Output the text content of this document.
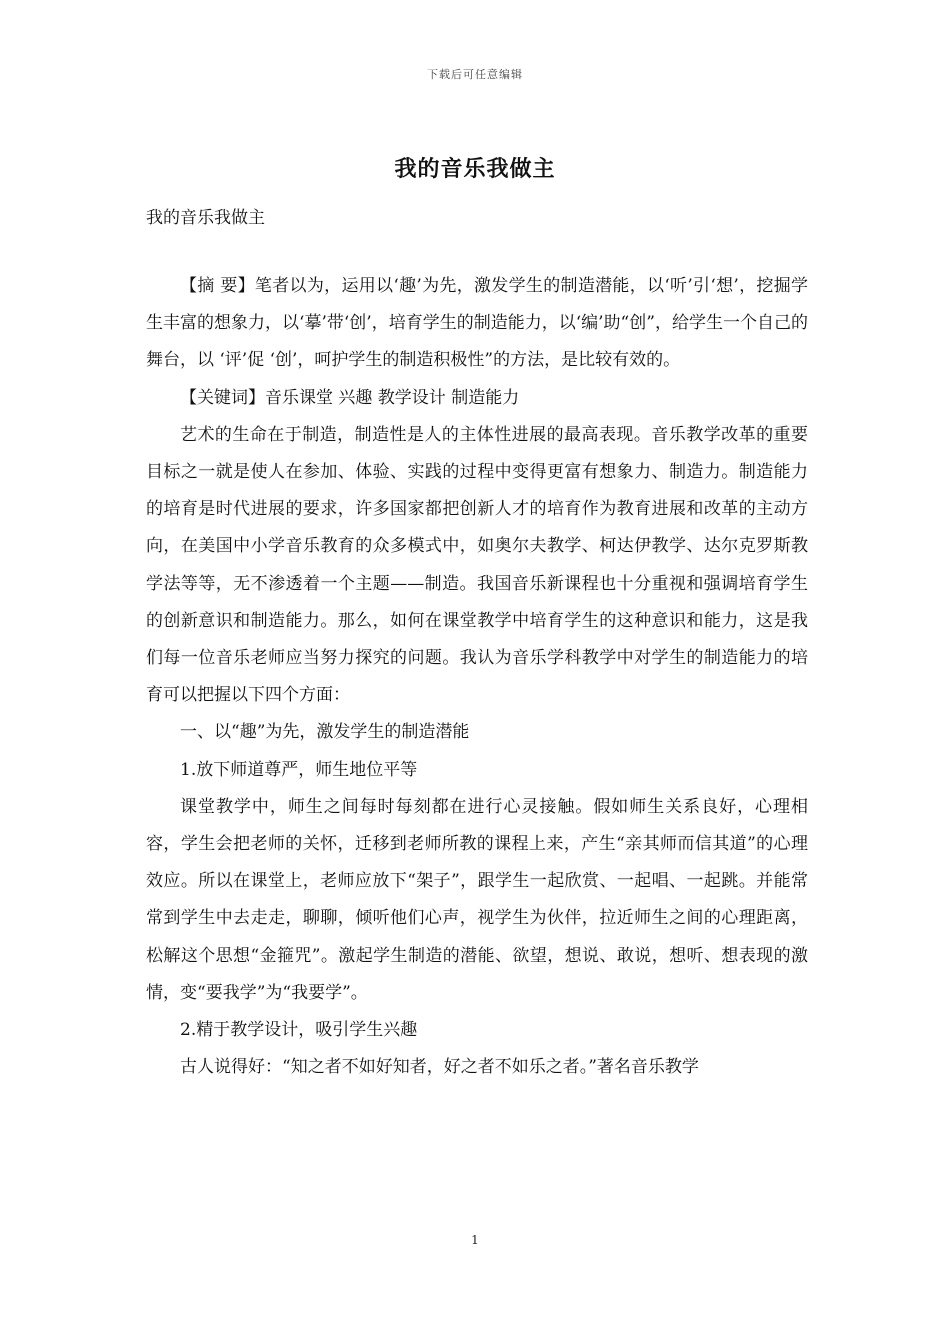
下载后可任意编辑
我的音乐我做主
我的音乐我做主

【摘 要】笔者以为，运用以‘趣’为先，激发学生的制造潜能，以‘听’引‘想’，挖掘学生丰富的想象力，以‘摹’带‘创’，培育学生的制造能力，以‘编’助“创”，给学生一个自己的舞台，以 ‘评’促 ‘创’，呵护学生的制造积极性”的方法，是比较有效的。

【关键词】音乐课堂 兴趣 教学设计 制造能力

艺术的生命在于制造，制造性是人的主体性进展的最高表现。音乐教学改革的重要目标之一就是使人在参加、体验、实践的过程中变得更富有想象力、制造力。制造能力的培育是时代进展的要求，许多国家都把创新人才的培育作为教育进展和改革的主动方向，在美国中小学音乐教育的众多模式中，如奥尔夫教学、柯达伊教学、达尔克罗斯教学法等等，无不渗透着一个主题——制造。我国音乐新课程也十分重视和强调培育学生的创新意识和制造能力。那么，如何在课堂教学中培育学生的这种意识和能力，这是我们每一位音乐老师应当努力探究的问题。我认为音乐学科教学中对学生的制造能力的培育可以把握以下四个方面：

一、以“趣”为先，激发学生的制造潜能

1.放下师道尊严，师生地位平等

课堂教学中，师生之间每时每刻都在进行心灵接触。假如师生关系良好，心理相容，学生会把老师的关怀，迁移到老师所教的课程上来，产生“亲其师而信其道”的心理效应。所以在课堂上，老师应放下“架子”，跟学生一起欣赏、一起唱、一起跳。并能常常到学生中去走走，聊聊，倾听他们心声，视学生为伙伴，拉近师生之间的心理距离，松解这个思想“金箍咒”。激起学生制造的潜能、欲望，想说、敢说，想听、想表现的激情，变“要我学”为“我要学”。

2.精于教学设计，吸引学生兴趣

古人说得好：“知之者不如好知者，好之者不如乐之者。”著名音乐教学

1
